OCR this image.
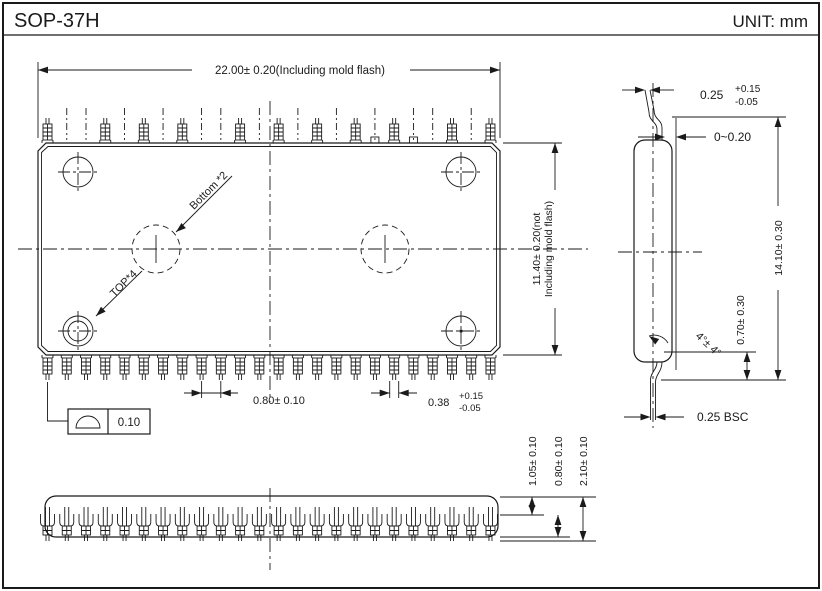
SOP-37H	UNIT: mm
Bottom *2
TOP*4
22.00± 0.20(Including mold flash)
11.40± 0.20(not Including mold flash)
0.80± 0.10	0.38
+0.15
-0.05
0.10
0.25 +0.15
-0.05
0~0.20
14.10± 0.30
0.70± 0.30
4°± 4°
0.25 BSC
1.05± 0.10 0.80± 0.10 2.10± 0.10
